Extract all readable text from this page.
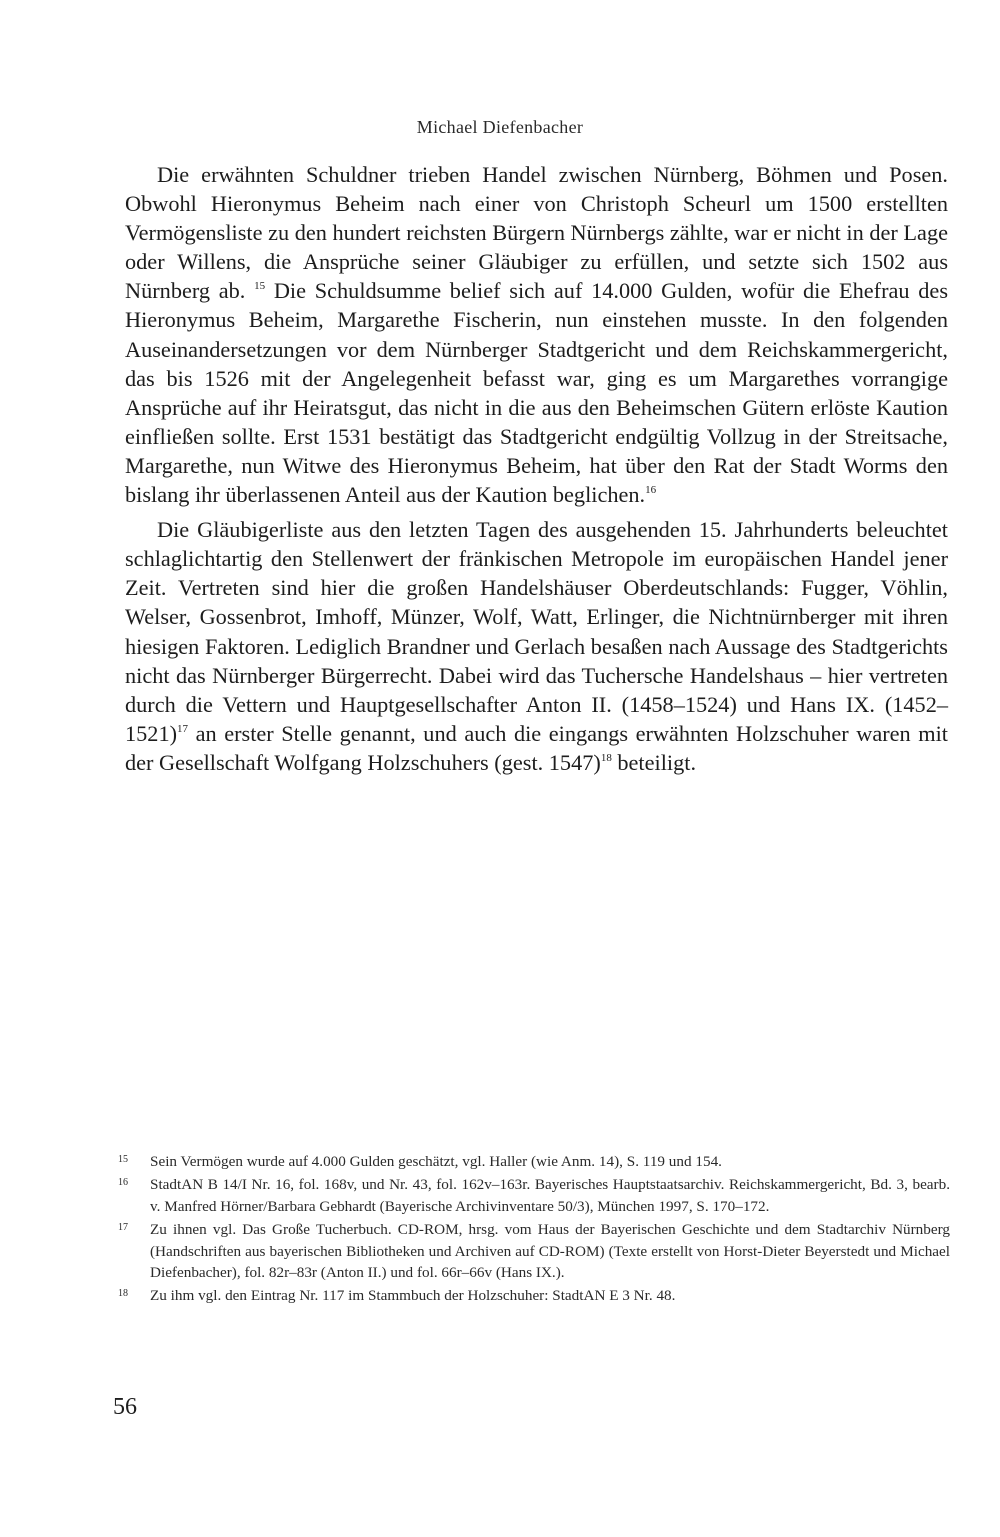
Michael Diefenbacher

Die erwähnten Schuldner trieben Handel zwischen Nürnberg, Böhmen und Posen. Obwohl Hieronymus Beheim nach einer von Christoph Scheurl um 1500 erstellten Vermögensliste zu den hundert reichsten Bürgern Nürnbergs zählte, war er nicht in der Lage oder Willens, die Ansprüche seiner Gläubiger zu erfüllen, und setzte sich 1502 aus Nürnberg ab. $^{15}$ Die Schuldsumme belief sich auf 14.000 Gulden, wofür die Ehefrau des Hieronymus Beheim, Margarethe Fischerin, nun einstehen musste. In den folgenden Auseinandersetzungen vor dem Nürnberger Stadtgericht und dem Reichskammergericht, das bis 1526 mit der Angelegenheit befasst war, ging es um Margarethes vorrangige Ansprüche auf ihr Heiratsgut, das nicht in die aus den Beheimschen Gütern erlöste Kaution einfließen sollte. Erst 1531 bestätigt das Stadtgericht endgültig Vollzug in der Streitsache, Margarethe, nun Witwe des Hieronymus Beheim, hat über den Rat der Stadt Worms den bislang ihr überlassenen Anteil aus der Kaution beglichen.$^{16}$

Die Gläubigerliste aus den letzten Tagen des ausgehenden 15. Jahrhunderts beleuchtet schlaglichtartig den Stellenwert der fränkischen Metropole im europäischen Handel jener Zeit. Vertreten sind hier die großen Handelshäuser Oberdeutschlands: Fugger, Vöhlin, Welser, Gossenbrot, Imhoff, Münzer, Wolf, Watt, Erlinger, die Nichtnürnberger mit ihren hiesigen Faktoren. Lediglich Brandner und Gerlach besaßen nach Aussage des Stadtgerichts nicht das Nürnberger Bürgerrecht. Dabei wird das Tuchersche Handelshaus – hier vertreten durch die Vettern und Hauptgesellschafter Anton II. (1458–1524) und Hans IX. (1452–1521)$^{17}$ an erster Stelle genannt, und auch die eingangs erwähnten Holzschuher waren mit der Gesellschaft Wolfgang Holzschuhers (gest. 1547)$^{18}$ beteiligt.

15 Sein Vermögen wurde auf 4.000 Gulden geschätzt, vgl. Haller (wie Anm. 14), S. 119 und 154.

16 StadtAN B 14/I Nr. 16, fol. 168v, und Nr. 43, fol. 162v–163r. Bayerisches Hauptstaatsarchiv. Reichskammergericht, Bd. 3, bearb. v. Manfred Hörner/Barbara Gebhardt (Bayerische Archivinventare 50/3), München 1997, S. 170–172.

17 Zu ihnen vgl. Das Große Tucherbuch. CD-ROM, hrsg. vom Haus der Bayerischen Geschichte und dem Stadtarchiv Nürnberg (Handschriften aus bayerischen Bibliotheken und Archiven auf CD-ROM) (Texte erstellt von Horst-Dieter Beyerstedt und Michael Diefenbacher), fol. 82r–83r (Anton II.) und fol. 66r–66v (Hans IX.).

18 Zu ihm vgl. den Eintrag Nr. 117 im Stammbuch der Holzschuher: StadtAN E 3 Nr. 48.

56
